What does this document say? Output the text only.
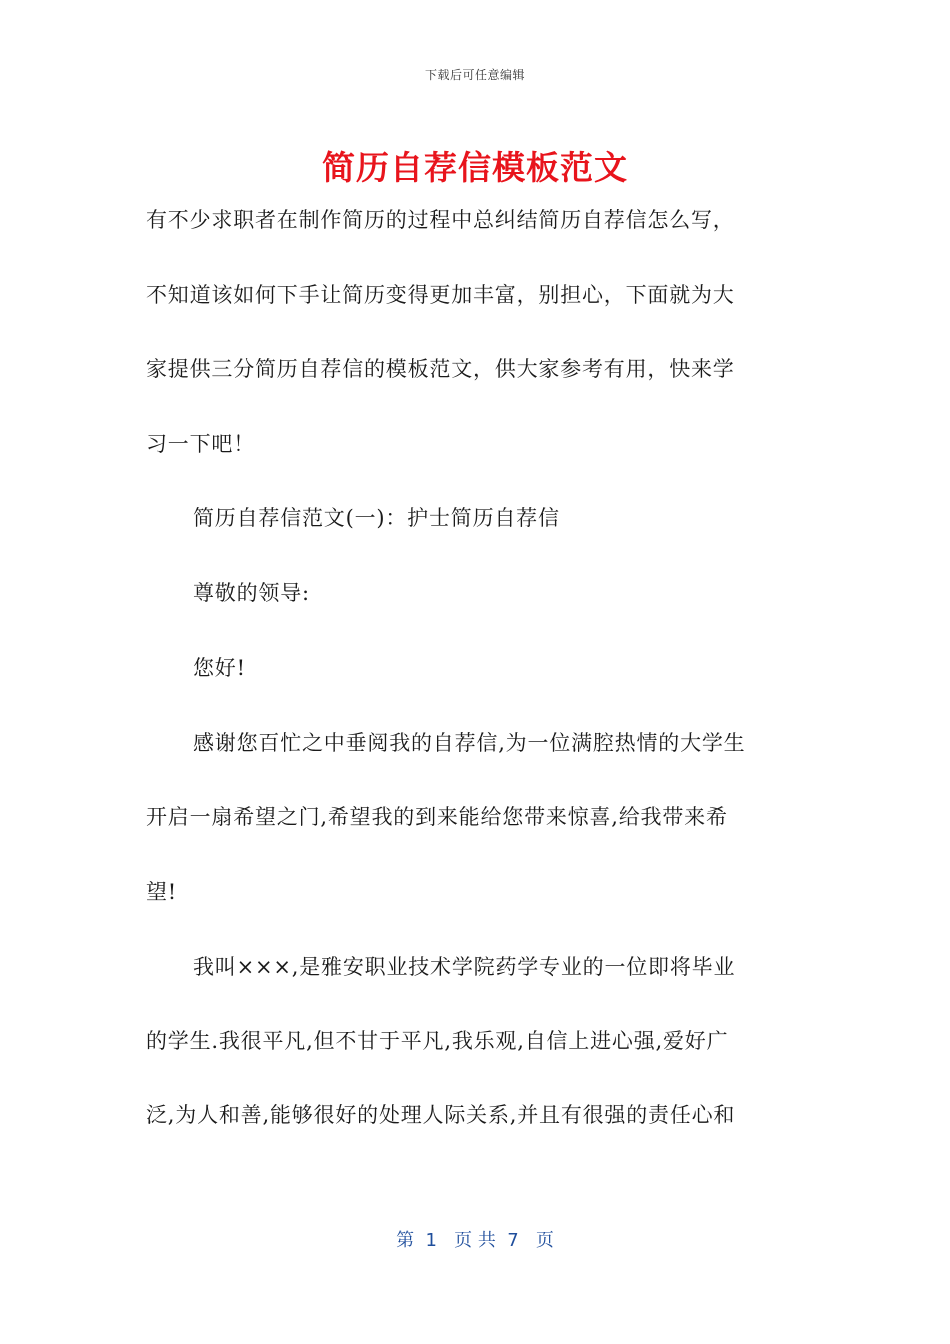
下载后可任意编辑
简历自荐信模板范文
有不少求职者在制作简历的过程中总纠结简历自荐信怎么写，
不知道该如何下手让简历变得更加丰富，别担心，下面就为大
家提供三分简历自荐信的模板范文，供大家参考有用，快来学
习一下吧！
简历自荐信范文(一)：护士简历自荐信
尊敬的领导:
您好!
感谢您百忙之中垂阅我的自荐信,为一位满腔热情的大学生
开启一扇希望之门,希望我的到来能给您带来惊喜,给我带来希
望!
我叫×××,是雅安职业技术学院药学专业的一位即将毕业
的学生.我很平凡,但不甘于平凡,我乐观,自信上进心强,爱好广
泛,为人和善,能够很好的处理人际关系,并且有很强的责任心和
第  1   页 共  7   页
